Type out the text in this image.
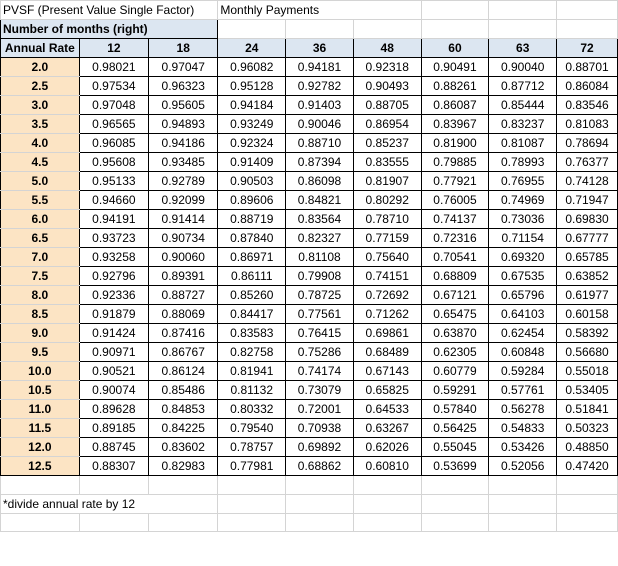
PVSF (Present Value Single Factor)			Monthly Payments					
Number of months (right)								
Annual Rate	12	18	24	36	48	60	63	72
2.0	0.98021	0.97047	0.96082	0.94181	0.92318	0.90491	0.90040	0.88701
2.5	0.97534	0.96323	0.95128	0.92782	0.90493	0.88261	0.87712	0.86084
3.0	0.97048	0.95605	0.94184	0.91403	0.88705	0.86087	0.85444	0.83546
3.5	0.96565	0.94893	0.93249	0.90046	0.86954	0.83967	0.83237	0.81083
4.0	0.96085	0.94186	0.92324	0.88710	0.85237	0.81900	0.81087	0.78694
4.5	0.95608	0.93485	0.91409	0.87394	0.83555	0.79885	0.78993	0.76377
5.0	0.95133	0.92789	0.90503	0.86098	0.81907	0.77921	0.76955	0.74128
5.5	0.94660	0.92099	0.89606	0.84821	0.80292	0.76005	0.74969	0.71947
6.0	0.94191	0.91414	0.88719	0.83564	0.78710	0.74137	0.73036	0.69830
6.5	0.93723	0.90734	0.87840	0.82327	0.77159	0.72316	0.71154	0.67777
7.0	0.93258	0.90060	0.86971	0.81108	0.75640	0.70541	0.69320	0.65785
7.5	0.92796	0.89391	0.86111	0.79908	0.74151	0.68809	0.67535	0.63852
8.0	0.92336	0.88727	0.85260	0.78725	0.72692	0.67121	0.65796	0.61977
8.5	0.91879	0.88069	0.84417	0.77561	0.71262	0.65475	0.64103	0.60158
9.0	0.91424	0.87416	0.83583	0.76415	0.69861	0.63870	0.62454	0.58392
9.5	0.90971	0.86767	0.82758	0.75286	0.68489	0.62305	0.60848	0.56680
10.0	0.90521	0.86124	0.81941	0.74174	0.67143	0.60779	0.59284	0.55018
10.5	0.90074	0.85486	0.81132	0.73079	0.65825	0.59291	0.57761	0.53405
11.0	0.89628	0.84853	0.80332	0.72001	0.64533	0.57840	0.56278	0.51841
11.5	0.89185	0.84225	0.79540	0.70938	0.63267	0.56425	0.54833	0.50323
12.0	0.88745	0.83602	0.78757	0.69892	0.62026	0.55045	0.53426	0.48850
12.5	0.88307	0.82983	0.77981	0.68862	0.60810	0.53699	0.52056	0.47420

*divide annual rate by 12								
